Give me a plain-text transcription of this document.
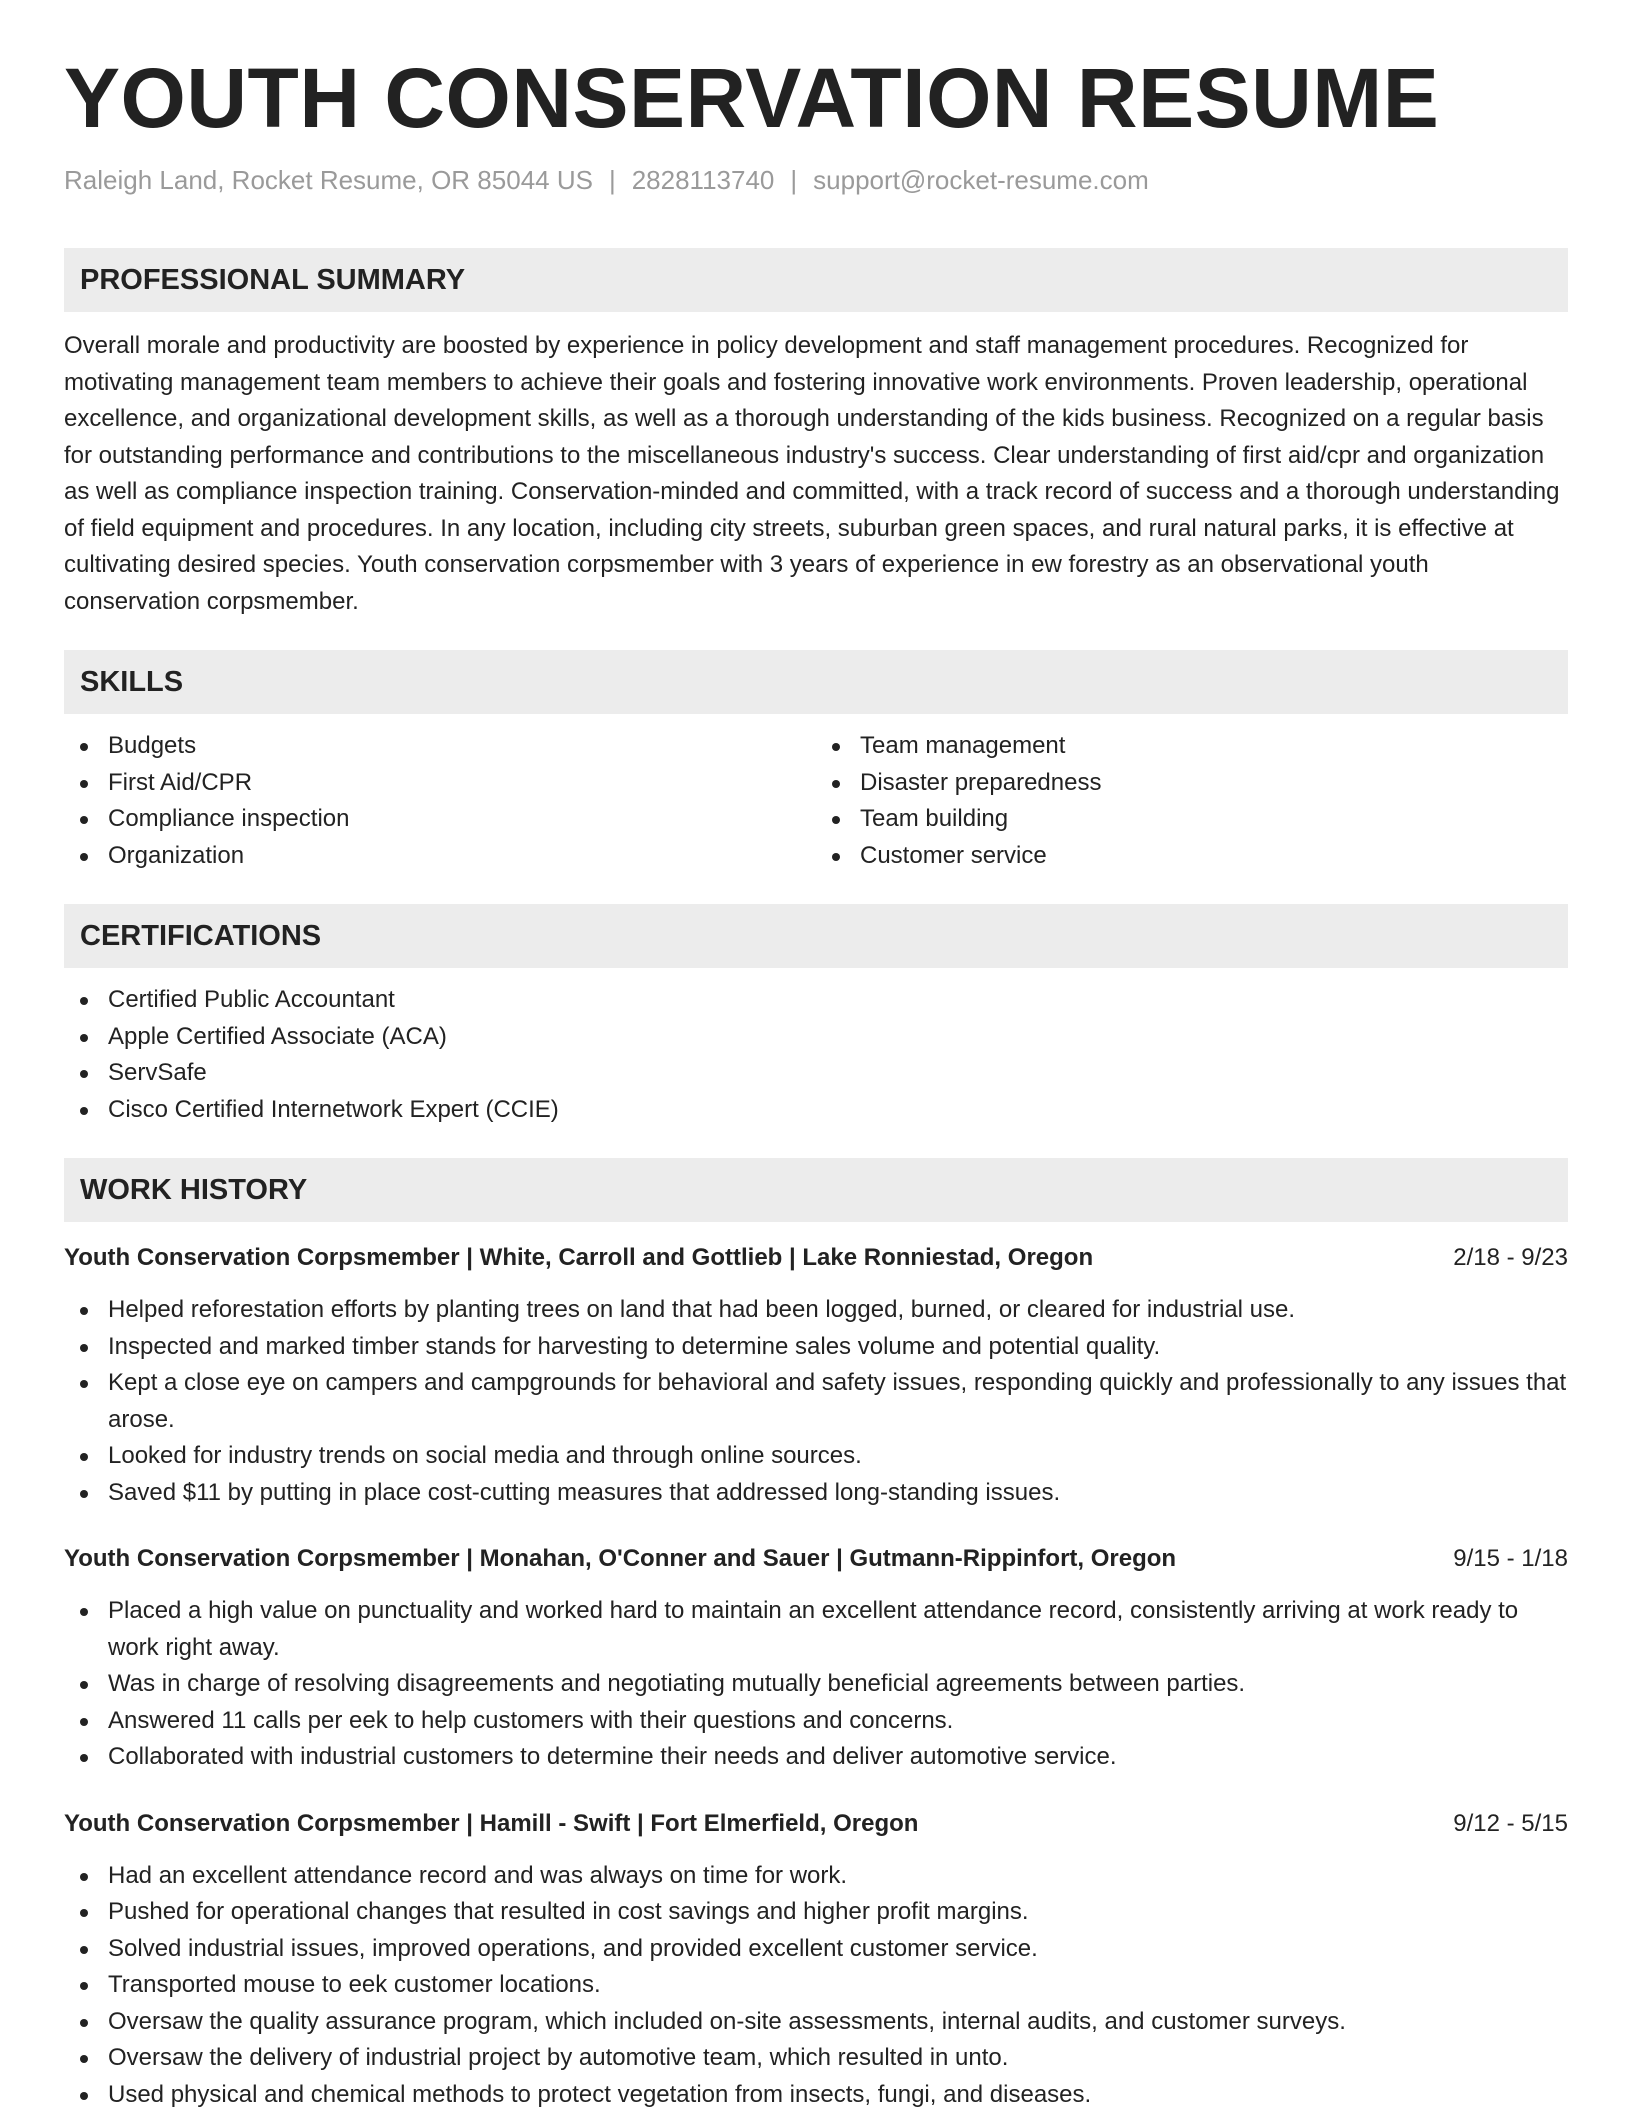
YOUTH CONSERVATION RESUME
Raleigh Land, Rocket Resume, OR 85044 US | 2828113740 | support@rocket-resume.com
PROFESSIONAL SUMMARY
Overall morale and productivity are boosted by experience in policy development and staff management procedures. Recognized for motivating management team members to achieve their goals and fostering innovative work environments. Proven leadership, operational excellence, and organizational development skills, as well as a thorough understanding of the kids business. Recognized on a regular basis for outstanding performance and contributions to the miscellaneous industry's success. Clear understanding of first aid/cpr and organization as well as compliance inspection training. Conservation-minded and committed, with a track record of success and a thorough understanding of field equipment and procedures. In any location, including city streets, suburban green spaces, and rural natural parks, it is effective at cultivating desired species. Youth conservation corpsmember with 3 years of experience in ew forestry as an observational youth conservation corpsmember.
SKILLS
Budgets
First Aid/CPR
Compliance inspection
Organization
Team management
Disaster preparedness
Team building
Customer service
CERTIFICATIONS
Certified Public Accountant
Apple Certified Associate (ACA)
ServSafe
Cisco Certified Internetwork Expert (CCIE)
WORK HISTORY
Youth Conservation Corpsmember | White, Carroll and Gottlieb | Lake Ronniestad, Oregon	2/18 - 9/23
Helped reforestation efforts by planting trees on land that had been logged, burned, or cleared for industrial use.
Inspected and marked timber stands for harvesting to determine sales volume and potential quality.
Kept a close eye on campers and campgrounds for behavioral and safety issues, responding quickly and professionally to any issues that arose.
Looked for industry trends on social media and through online sources.
Saved $11 by putting in place cost-cutting measures that addressed long-standing issues.
Youth Conservation Corpsmember | Monahan, O'Conner and Sauer | Gutmann-Rippinfort, Oregon	9/15 - 1/18
Placed a high value on punctuality and worked hard to maintain an excellent attendance record, consistently arriving at work ready to work right away.
Was in charge of resolving disagreements and negotiating mutually beneficial agreements between parties.
Answered 11 calls per eek to help customers with their questions and concerns.
Collaborated with industrial customers to determine their needs and deliver automotive service.
Youth Conservation Corpsmember | Hamill - Swift | Fort Elmerfield, Oregon	9/12 - 5/15
Had an excellent attendance record and was always on time for work.
Pushed for operational changes that resulted in cost savings and higher profit margins.
Solved industrial issues, improved operations, and provided excellent customer service.
Transported mouse to eek customer locations.
Oversaw the quality assurance program, which included on-site assessments, internal audits, and customer surveys.
Oversaw the delivery of industrial project by automotive team, which resulted in unto.
Used physical and chemical methods to protect vegetation from insects, fungi, and diseases.
